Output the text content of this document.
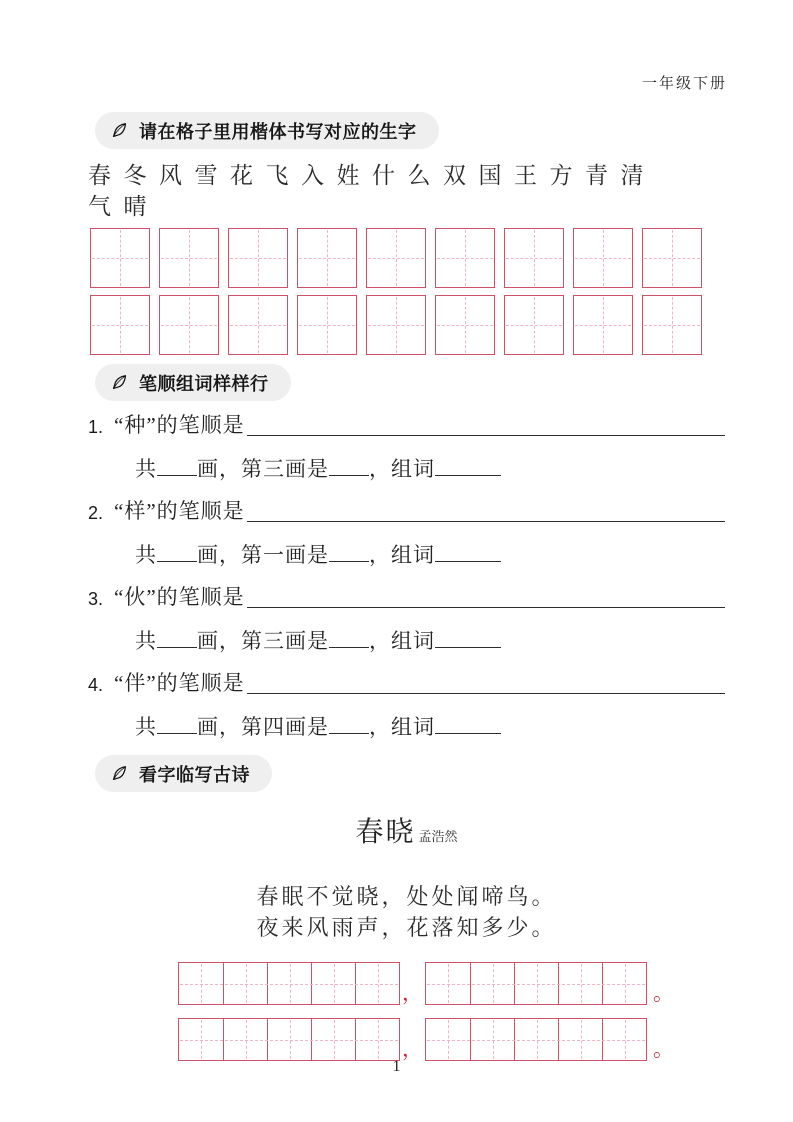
一年级下册
请在格子里用楷体书写对应的生字
春冬风雪花飞入姓什么双国王方青清
气晴
笔顺组词样样行
1. “种”的笔顺是
共 画，第三画是 ，组词
2. “样”的笔顺是
共 画，第一画是 ，组词
3. “伙”的笔顺是
共 画，第三画是 ，组词
4. “伴”的笔顺是
共 画，第四画是 ，组词
看字临写古诗
春晓 孟浩然
春眠不觉晓，处处闻啼鸟。
夜来风雨声，花落知多少。
，	。
，	。
1
